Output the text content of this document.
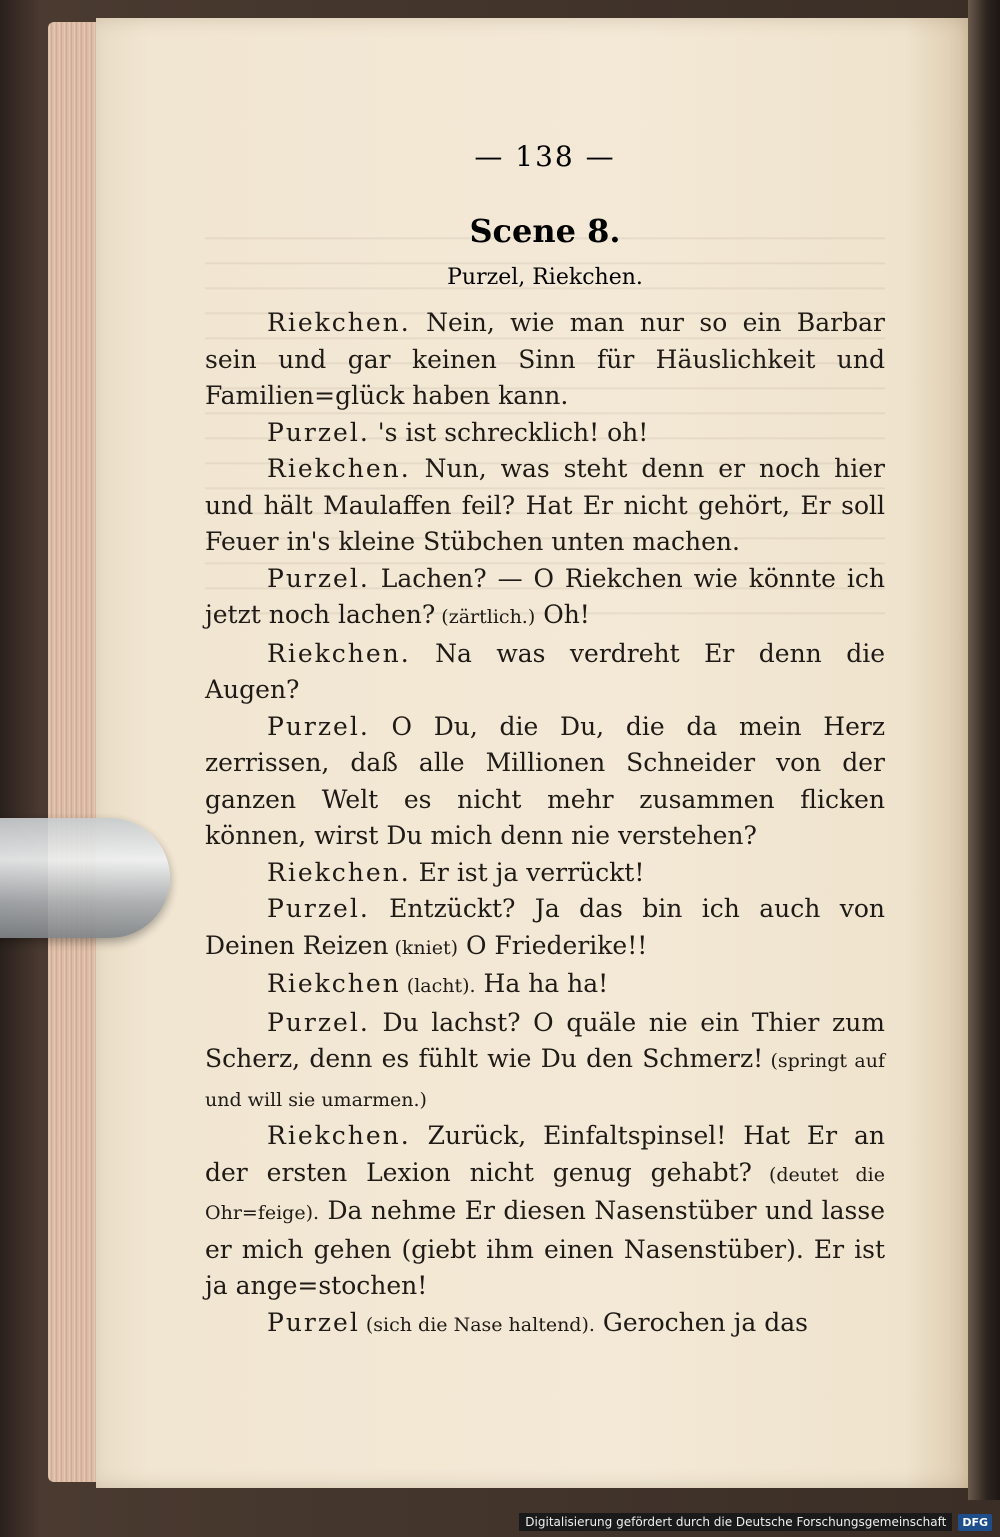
— 138 —
Scene 8.
Purzel, Riekchen.

Riekchen. Nein, wie man nur so ein Barbar sein und gar keinen Sinn für Häuslichkeit und Familien=glück haben kann.

Purzel. 's ist schrecklich! oh!

Riekchen. Nun, was steht denn er noch hier und hält Maulaffen feil? Hat Er nicht gehört, Er soll Feuer in's kleine Stübchen unten machen.

Purzel. Lachen? — O Riekchen wie könnte ich jetzt noch lachen? (zärtlich.) Oh!

Riekchen. Na was verdreht Er denn die Augen?

Purzel. O Du, die Du, die da mein Herz zerrissen, daß alle Millionen Schneider von der ganzen Welt es nicht mehr zusammen flicken können, wirst Du mich denn nie verstehen?

Riekchen. Er ist ja verrückt!

Purzel. Entzückt? Ja das bin ich auch von Deinen Reizen (kniet) O Friederike!!

Riekchen (lacht). Ha ha ha!

Purzel. Du lachst? O quäle nie ein Thier zum Scherz, denn es fühlt wie Du den Schmerz! (springt auf und will sie umarmen.)

Riekchen. Zurück, Einfaltspinsel! Hat Er an der ersten Lexion nicht genug gehabt? (deutet die Ohr=feige). Da nehme Er diesen Nasenstüber und lasse er mich gehen (giebt ihm einen Nasenstüber). Er ist ja ange=stochen!

Purzel (sich die Nase haltend). Gerochen ja das

Digitalisierung gefördert durch die Deutsche Forschungsgemeinschaft	DFG
